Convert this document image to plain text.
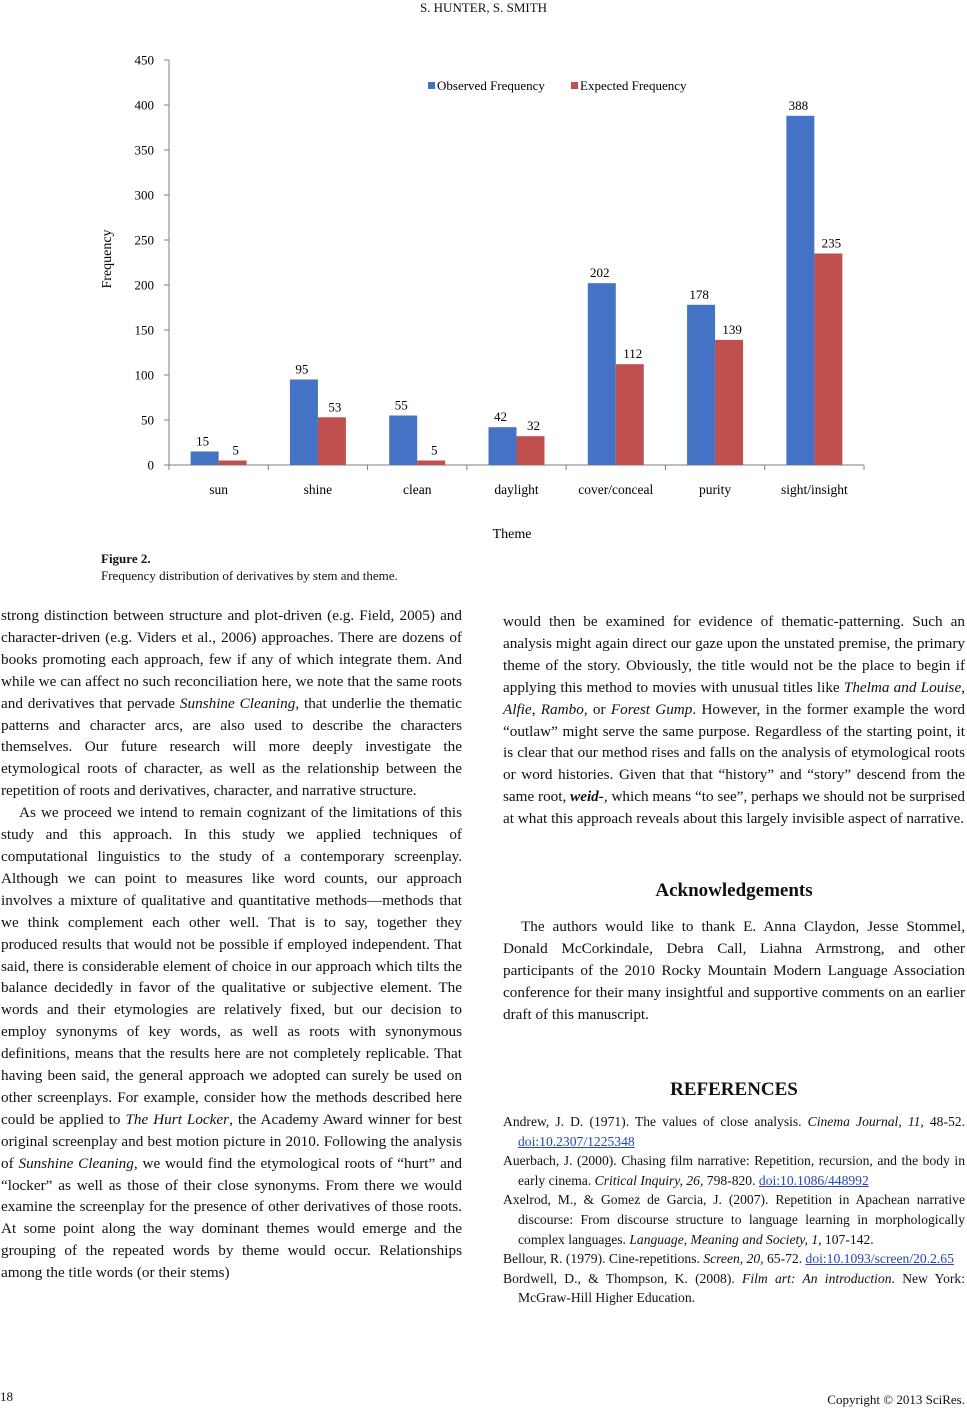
S. HUNTER, S. SMITH
0
50
100
150
200
250
300
350
400
450
sun	shine	clean	daylight	cover/conceal	purity	sight/insight
15
5
95
53	55
5
42
32
202
112
178
139
388
235
Observed Frequency	Expected Frequency
Theme
Frequency
Figure 2.
Frequency distribution of derivatives by stem and theme.

strong distinction between structure and plot-driven (e.g. Field, 2005) and character-driven (e.g. Viders et al., 2006) approaches. There are dozens of books promoting each approach, few if any of which integrate them. And while we can affect no such reconciliation here, we note that the same roots and derivatives that pervade Sunshine Cleaning, that underlie the thematic patterns and character arcs, are also used to describe the characters themselves. Our future research will more deeply investigate the etymological roots of character, as well as the relationship between the repetition of roots and derivatives, character, and narrative structure.

As we proceed we intend to remain cognizant of the limitations of this study and this approach. In this study we applied techniques of computational linguistics to the study of a contemporary screenplay. Although we can point to measures like word counts, our approach involves a mixture of qualitative and quantitative methods—methods that we think complement each other well. That is to say, together they produced results that would not be possible if employed independent. That said, there is considerable element of choice in our approach which tilts the balance decidedly in favor of the qualitative or subjective element. The words and their etymologies are relatively fixed, but our decision to employ synonyms of key words, as well as roots with synonymous definitions, means that the results here are not completely replicable. That having been said, the general approach we adopted can surely be used on other screenplays. For example, consider how the methods described here could be applied to The Hurt Locker, the Academy Award winner for best original screenplay and best motion picture in 2010. Following the analysis of Sunshine Cleaning, we would find the etymological roots of “hurt” and “locker” as well as those of their close synonyms. From there we would examine the screenplay for the presence of other derivatives of those roots. At some point along the way dominant themes would emerge and the grouping of the repeated words by theme would occur. Relationships among the title words (or their stems)

would then be examined for evidence of thematic-patterning. Such an analysis might again direct our gaze upon the unstated premise, the primary theme of the story. Obviously, the title would not be the place to begin if applying this method to movies with unusual titles like Thelma and Louise, Alfie, Rambo, or Forest Gump. However, in the former example the word “outlaw” might serve the same purpose. Regardless of the starting point, it is clear that our method rises and falls on the analysis of etymological roots or word histories. Given that that “history” and “story” descend from the same root, weid-, which means “to see”, perhaps we should not be surprised at what this approach reveals about this largely invisible aspect of narrative.

Acknowledgements

The authors would like to thank E. Anna Claydon, Jesse Stommel, Donald McCorkindale, Debra Call, Liahna Armstrong, and other participants of the 2010 Rocky Mountain Modern Language Association conference for their many insightful and supportive comments on an earlier draft of this manuscript.

REFERENCES

Andrew, J. D. (1971). The values of close analysis. Cinema Journal, 11, 48-52. doi:10.2307/1225348

Auerbach, J. (2000). Chasing film narrative: Repetition, recursion, and the body in early cinema. Critical Inquiry, 26, 798-820. doi:10.1086/448992

Axelrod, M., & Gomez de Garcia, J. (2007). Repetition in Apachean narrative discourse: From discourse structure to language learning in morphologically complex languages. Language, Meaning and Society, 1, 107-142.

Bellour, R. (1979). Cine-repetitions. Screen, 20, 65-72. doi:10.1093/screen/20.2.65

Bordwell, D., & Thompson, K. (2008). Film art: An introduction. New York: McGraw-Hill Higher Education.

18	Copyright © 2013 SciRes.
